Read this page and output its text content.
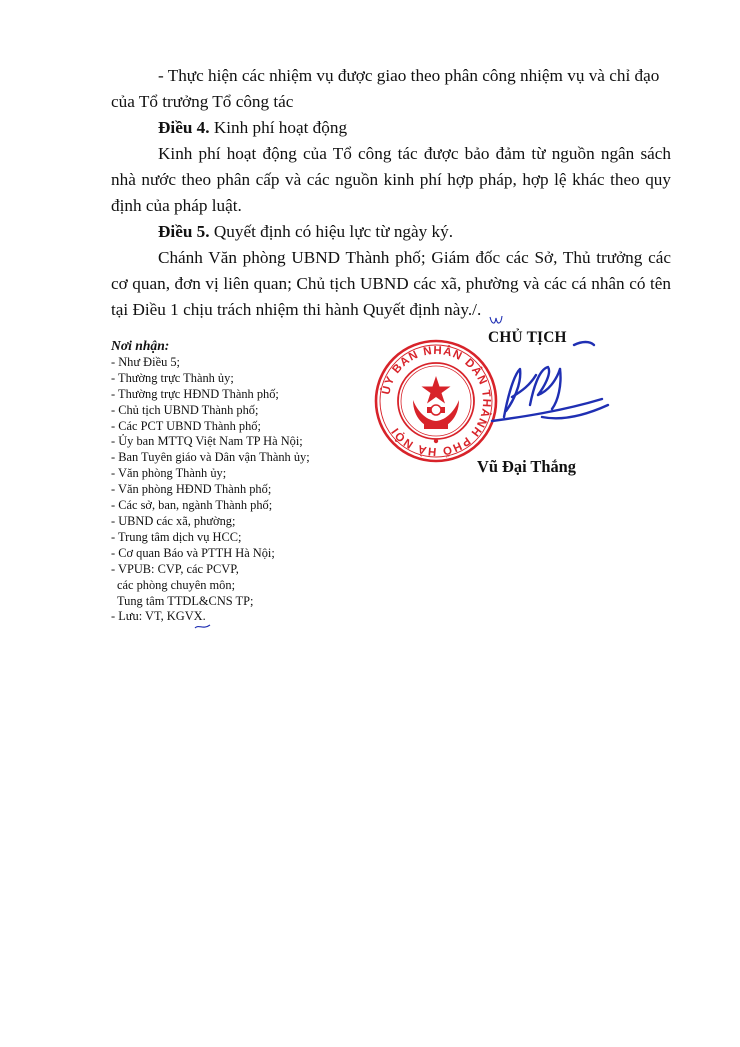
- Thực hiện các nhiệm vụ được giao theo phân công nhiệm vụ và chỉ đạo

của Tổ trưởng Tổ công tác

Điều 4. Kinh phí hoạt động

Kinh phí hoạt động của Tổ công tác được bảo đảm từ nguồn ngân sách nhà nước theo phân cấp và các nguồn kinh phí hợp pháp, hợp lệ khác theo quy định của pháp luật.

Điều 5. Quyết định có hiệu lực từ ngày ký.

Chánh Văn phòng UBND Thành phố; Giám đốc các Sở, Thủ trưởng các cơ quan, đơn vị liên quan; Chủ tịch UBND các xã, phường và các cá nhân có tên tại Điều 1 chịu trách nhiệm thi hành Quyết định này./.

Nơi nhận:
- Như Điều 5;
- Thường trực Thành ủy;
- Thường trực HĐND Thành phố;
- Chủ tịch UBND Thành phố;
- Các PCT UBND Thành phố;
- Ủy ban MTTQ Việt Nam TP Hà Nội;
- Ban Tuyên giáo và Dân vận Thành ủy;
- Văn phòng Thành ủy;
- Văn phòng HĐND Thành phố;
- Các sở, ban, ngành Thành phố;
- UBND các xã, phường;
- Trung tâm dịch vụ HCC;
- Cơ quan Báo và PTTH Hà Nội;
- VPUB: CVP, các PCVP,
các phòng chuyên môn;
Tung tâm TTDL&CNS TP;
- Lưu: VT, KGVX.
ỦY BAN NHÂN DÂN THÀNH PHỐ HÀ NỘI
CHỦ TỊCH
Vũ Đại Thắng
